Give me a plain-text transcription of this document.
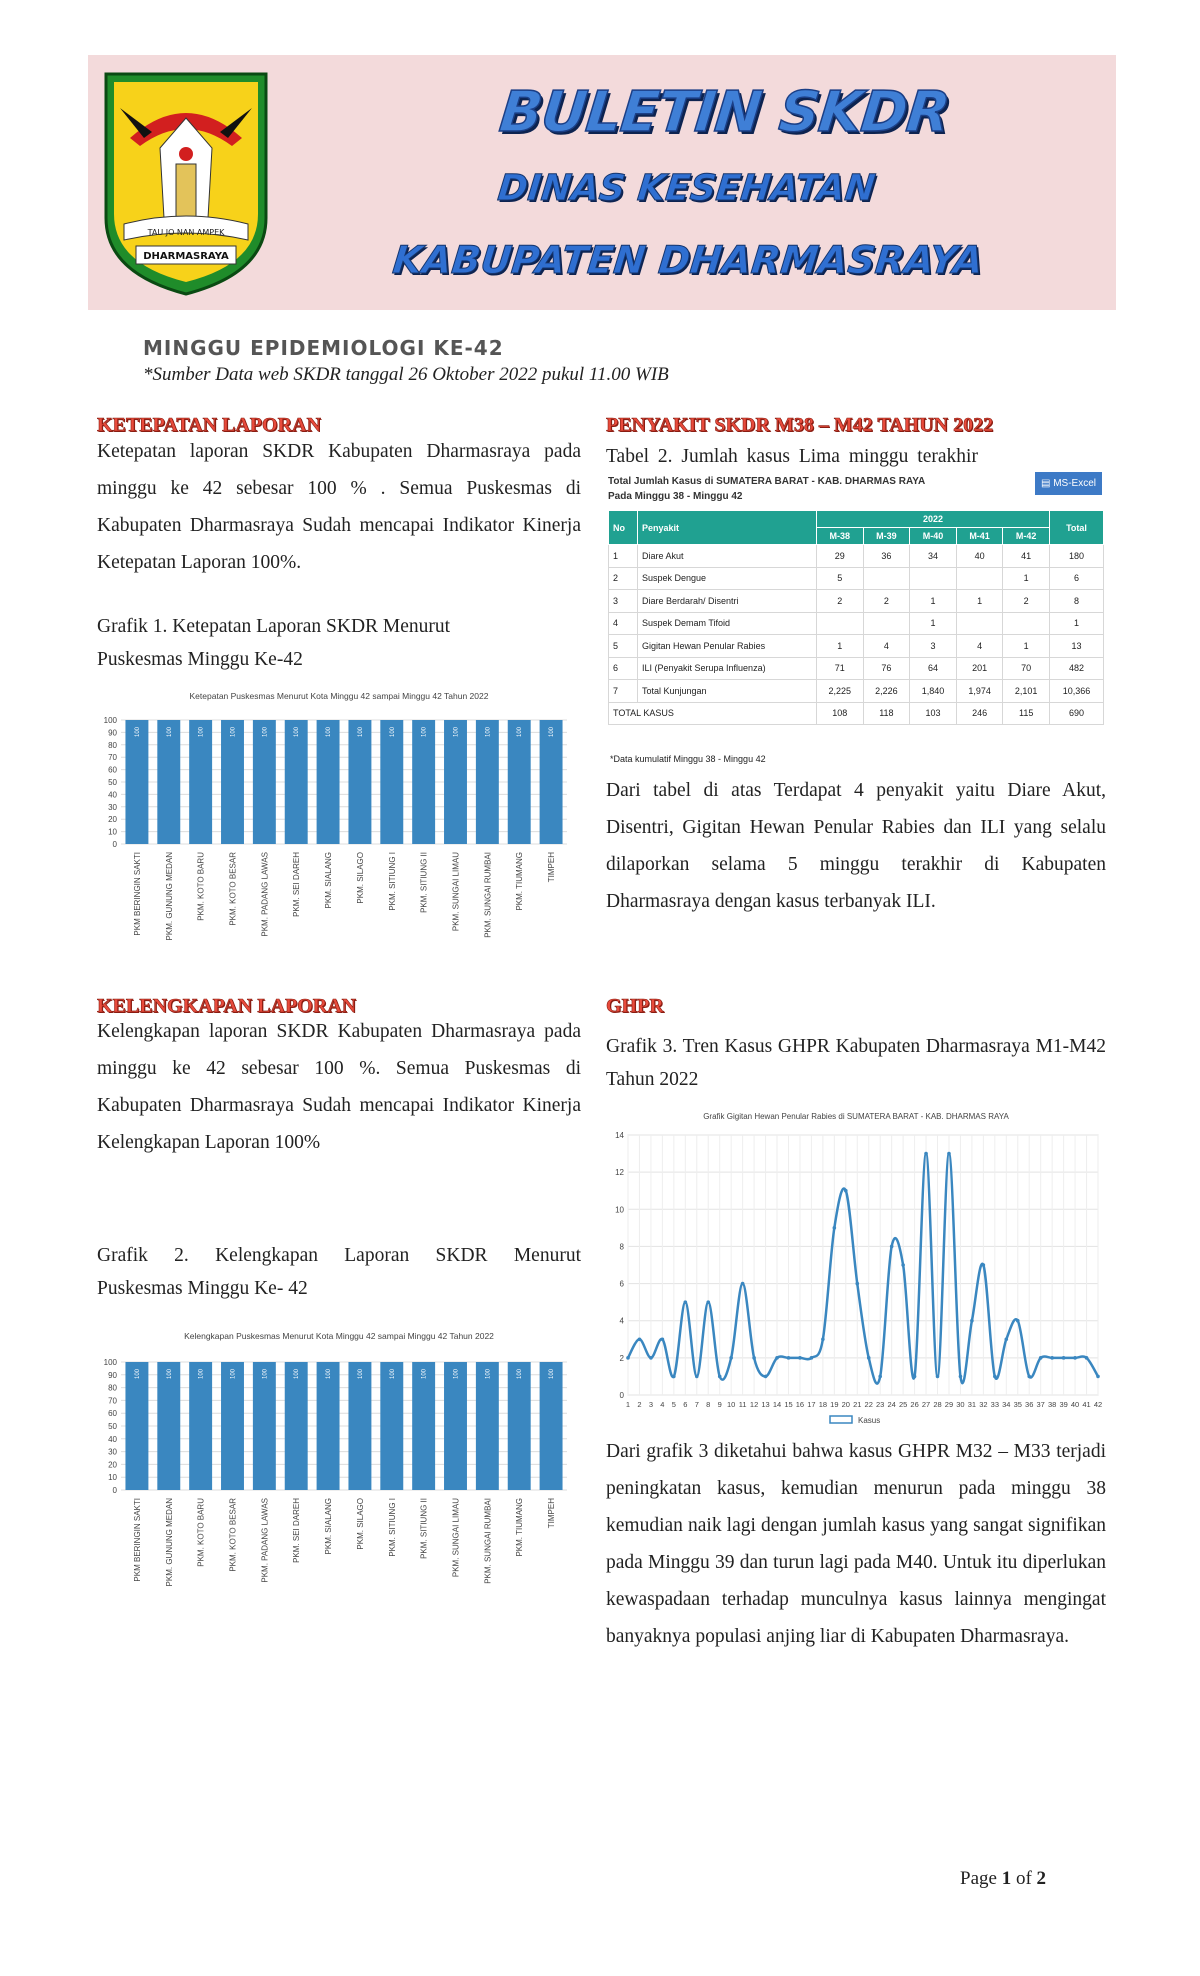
TAU JO NAN AMPEK
DHARMASRAYA
BULETIN SKDR
DINAS KESEHATAN
KABUPATEN DHARMASRAYA
MINGGU EPIDEMIOLOGI KE-42
*Sumber Data web SKDR tanggal 26 Oktober 2022 pukul 11.00 WIB
KETEPATAN LAPORAN
Ketepatan laporan SKDR Kabupaten Dharmasraya pada minggu ke 42 sebesar 100 % . Semua Puskesmas di Kabupaten Dharmasraya Sudah mencapai Indikator Kinerja Ketepatan Laporan 100%.
Grafik 1. Ketepatan Laporan SKDR Menurut
Puskesmas Minggu Ke-42
Ketepatan Puskesmas Menurut Kota Minggu 42 sampai Minggu 42 Tahun 2022
0
10
20
30
40
50
60
70
80
90
100
100
PKM BERINGIN SAKTI
100
PKM. GUNUNG MEDAN
100
PKM. KOTO BARU
100
PKM. KOTO BESAR
100
PKM. PADANG LAWAS
100
PKM. SEI DAREH
100
PKM. SIALANG
100
PKM. SILAGO
100
PKM. SITIUNG I
100
PKM. SITIUNG II
100
PKM. SUNGAI LIMAU
100
PKM. SUNGAI RUMBAI
100
PKM. TIUMANG
100
TIMPEH
KELENGKAPAN LAPORAN
Kelengkapan laporan SKDR Kabupaten Dharmasraya pada minggu ke 42 sebesar 100 %. Semua Puskesmas di Kabupaten Dharmasraya Sudah mencapai Indikator Kinerja Kelengkapan Laporan 100%
Grafik 2. Kelengkapan Laporan SKDR Menurut
Puskesmas Minggu Ke- 42
Kelengkapan Puskesmas Menurut Kota Minggu 42 sampai Minggu 42 Tahun 2022
0
10
20
30
40
50
60
70
80
90
100
100
PKM BERINGIN SAKTI
100
PKM. GUNUNG MEDAN
100
PKM. KOTO BARU
100
PKM. KOTO BESAR
100
PKM. PADANG LAWAS
100
PKM. SEI DAREH
100
PKM. SIALANG
100
PKM. SILAGO
100
PKM. SITIUNG I
100
PKM. SITIUNG II
100
PKM. SUNGAI LIMAU
100
PKM. SUNGAI RUMBAI
100
PKM. TIUMANG
100
TIMPEH
PENYAKIT SKDR M38 – M42 TAHUN 2022
Tabel 2. Jumlah kasus Lima minggu terakhir
Total Jumlah Kasus di SUMATERA BARAT - KAB. DHARMAS RAYA
Pada Minggu 38 - Minggu 42
▤ MS-Excel
No	Penyakit	2022					Total
		M-38	M-39	M-40	M-41	M-42	
1	Diare Akut	29	36	34	40	41	180
2	Suspek Dengue	5				1	6
3	Diare Berdarah/ Disentri	2	2	1	1	2	8
4	Suspek Demam Tifoid			1			1
5	Gigitan Hewan Penular Rabies	1	4	3	4	1	13
6	ILI (Penyakit Serupa Influenza)	71	76	64	201	70	482
7	Total Kunjungan	2,225	2,226	1,840	1,974	2,101	10,366
TOTAL KASUS		108	118	103	246	115	690
*Data kumulatif Minggu 38 - Minggu 42
Dari tabel di atas Terdapat 4 penyakit yaitu Diare Akut, Disentri, Gigitan Hewan Penular Rabies dan ILI yang selalu dilaporkan selama 5 minggu terakhir di Kabupaten Dharmasraya dengan kasus terbanyak ILI.
GHPR
Grafik 3. Tren Kasus GHPR Kabupaten Dharmasraya M1-M42 Tahun 2022
Grafik Gigitan Hewan Penular Rabies di SUMATERA BARAT - KAB. DHARMAS RAYA
0
2
4
6
8
10
12
14
1 2 3 4 5 6 7 8 9 10 11 12 13 14 15 16 17 18 19 20 21 22 23 24 25 26 27 28 29 30 31 32 33 34 35 36 37 38 39 40 41 42
Kasus
Dari grafik 3 diketahui bahwa kasus GHPR M32 – M33 terjadi peningkatan kasus, kemudian menurun pada minggu 38 kemudian naik lagi dengan jumlah kasus yang sangat signifikan pada Minggu 39 dan turun lagi pada M40. Untuk itu diperlukan kewaspadaan terhadap munculnya kasus lainnya mengingat banyaknya populasi anjing liar di Kabupaten Dharmasraya.
Page 1 of 2
